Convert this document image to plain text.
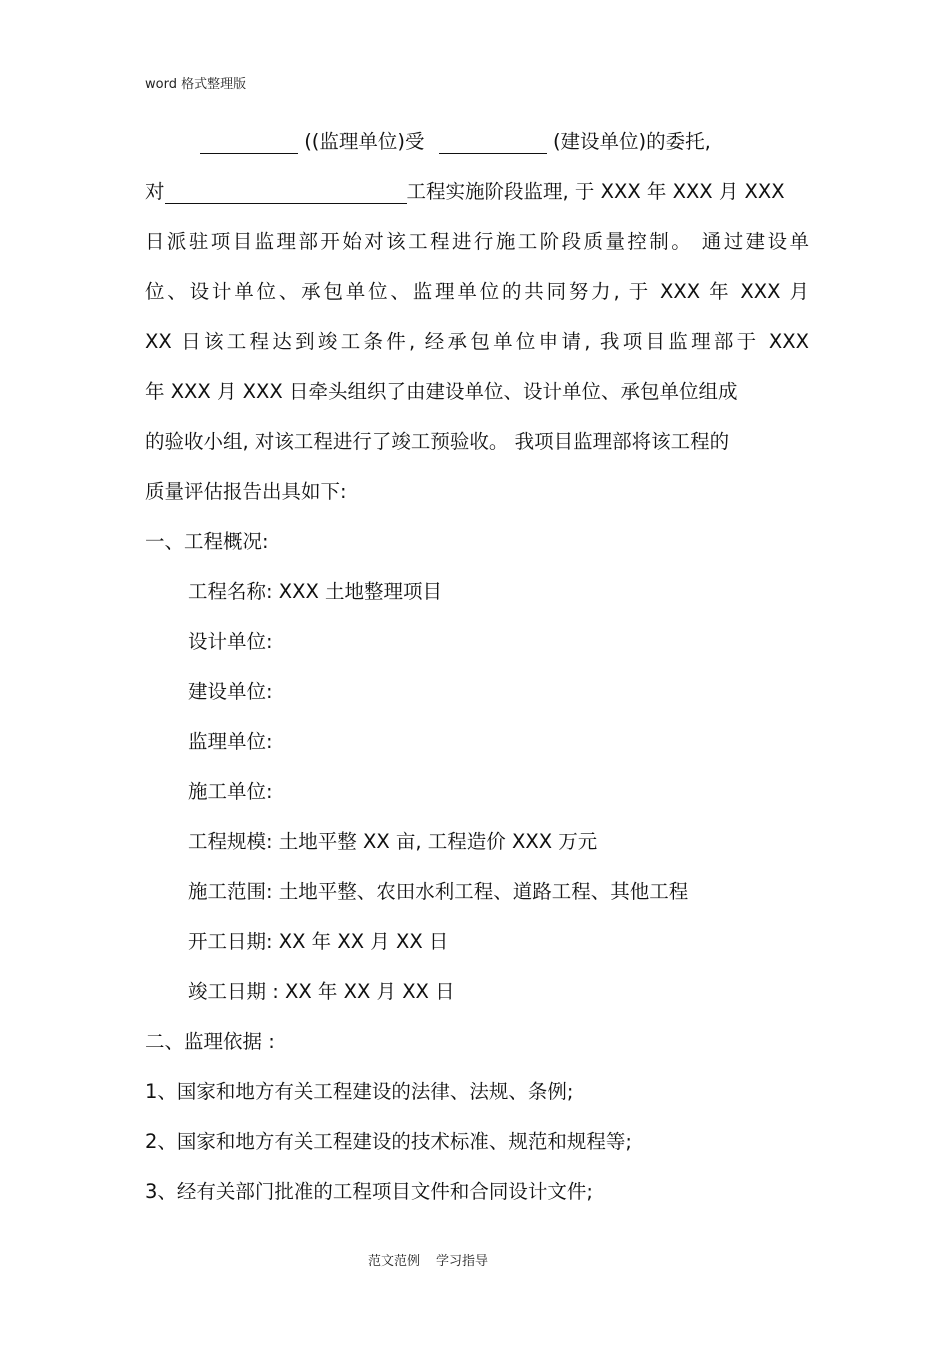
word 格式整理版
((监理单位)受	(建设单位)的委托,
对	工程实施阶段监理, 于 XXX 年 XXX 月 XXX
日派驻项目监理部开始对该工程进行施工阶段质量控制。 通过建设单
位、设计单位、承包单位、监理单位的共同努力, 于 XXX 年 XXX 月
XX 日该工程达到竣工条件, 经承包单位申请, 我项目监理部于 XXX
年 XXX 月 XXX 日牵头组织了由建设单位、设计单位、承包单位组成
的验收小组, 对该工程进行了竣工预验收。 我项目监理部将该工程的
质量评估报告出具如下:
一、工程概况:
工程名称: XXX 土地整理项目
设计单位:
建设单位:
监理单位:
施工单位:
工程规模: 土地平整 XX 亩, 工程造价 XXX 万元
施工范围: 土地平整、农田水利工程、道路工程、其他工程
开工日期: XX 年 XX 月 XX 日
竣工日期 : XX 年 XX 月 XX 日
二、监理依据 :
1、国家和地方有关工程建设的法律、法规、条例;
2、国家和地方有关工程建设的技术标准、规范和规程等;
3、经有关部门批准的工程项目文件和合同设计文件;
范文范例 学习指导
